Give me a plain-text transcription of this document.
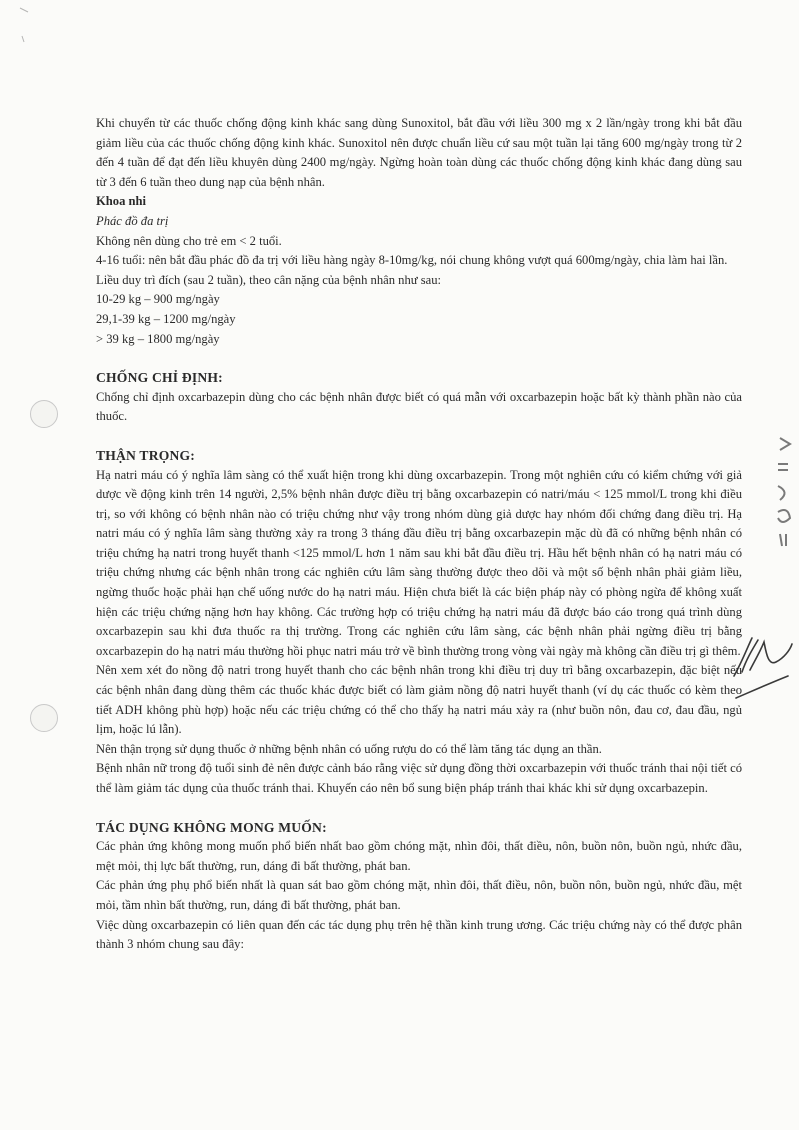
Khi chuyển từ các thuốc chống động kinh khác sang dùng Sunoxitol, bắt đầu với liều 300 mg x 2 lần/ngày trong khi bắt đầu giảm liều của các thuốc chống động kinh khác. Sunoxitol nên được chuẩn liều cứ sau một tuần lại tăng 600 mg/ngày trong từ 2 đến 4 tuần để đạt đến liều khuyên dùng 2400 mg/ngày. Ngừng hoàn toàn dùng các thuốc chống động kinh khác đang dùng sau từ 3 đến 6 tuần theo dung nạp của bệnh nhân.

Khoa nhi

Phác đồ đa trị

Không nên dùng cho trẻ em < 2 tuổi.

4-16 tuổi: nên bắt đầu phác đồ đa trị với liều hàng ngày 8-10mg/kg, nói chung không vượt quá 600mg/ngày, chia làm hai lần.

Liều duy trì đích (sau 2 tuần), theo cân nặng của bệnh nhân như sau:

10-29 kg – 900 mg/ngày

29,1-39 kg – 1200 mg/ngày

> 39 kg – 1800 mg/ngày

CHỐNG CHỈ ĐỊNH:

Chống chỉ định oxcarbazepin dùng cho các bệnh nhân được biết có quá mẫn với oxcarbazepin hoặc bất kỳ thành phần nào của thuốc.

THẬN TRỌNG:

Hạ natri máu có ý nghĩa lâm sàng có thể xuất hiện trong khi dùng oxcarbazepin. Trong một nghiên cứu có kiểm chứng với giả dược về động kinh trên 14 người, 2,5% bệnh nhân được điều trị bằng oxcarbazepin có natri/máu < 125 mmol/L trong khi điều trị, so với không có bệnh nhân nào có triệu chứng như vậy trong nhóm dùng giả dược hay nhóm đối chứng đang điều trị. Hạ natri máu có ý nghĩa lâm sàng thường xảy ra trong 3 tháng đầu điều trị bằng oxcarbazepin mặc dù đã có những bệnh nhân có triệu chứng hạ natri trong huyết thanh <125 mmol/L hơn 1 năm sau khi bắt đầu điều trị. Hầu hết bệnh nhân có hạ natri máu có triệu chứng nhưng các bệnh nhân trong các nghiên cứu lâm sàng thường được theo dõi và một số bệnh nhân phải giảm liều, ngừng thuốc hoặc phải hạn chế uống nước do hạ natri máu. Hiện chưa biết là các biện pháp này có phòng ngừa để không xuất hiện các triệu chứng nặng hơn hay không. Các trường hợp có triệu chứng hạ natri máu đã được báo cáo trong quá trình dùng oxcarbazepin sau khi đưa thuốc ra thị trường. Trong các nghiên cứu lâm sàng, các bệnh nhân phải ngừng điều trị bằng oxcarbazepin do hạ natri máu thường hồi phục natri máu trở về bình thường trong vòng vài ngày mà không cần điều trị gì thêm.

Nên xem xét đo nồng độ natri trong huyết thanh cho các bệnh nhân trong khi điều trị duy trì bằng oxcarbazepin, đặc biệt nếu các bệnh nhân đang dùng thêm các thuốc khác được biết có làm giảm nồng độ natri huyết thanh (ví dụ các thuốc có kèm theo tiết ADH không phù hợp) hoặc nếu các triệu chứng có thể cho thấy hạ natri máu xảy ra (như buồn nôn, đau cơ, đau đầu, ngủ lịm, hoặc lú lẫn).

Nên thận trọng sử dụng thuốc ở những bệnh nhân có uống rượu do có thể làm tăng tác dụng an thần.

Bệnh nhân nữ trong độ tuổi sinh đẻ nên được cảnh báo rằng việc sử dụng đồng thời oxcarbazepin với thuốc tránh thai nội tiết có thể làm giảm tác dụng của thuốc tránh thai. Khuyến cáo nên bổ sung biện pháp tránh thai khác khi sử dụng oxcarbazepin.

TÁC DỤNG KHÔNG MONG MUỐN:

Các phản ứng không mong muốn phổ biến nhất bao gồm chóng mặt, nhìn đôi, thất điều, nôn, buồn nôn, buồn ngủ, nhức đầu, mệt mỏi, thị lực bất thường, run, dáng đi bất thường, phát ban.

Các phản ứng phụ phổ biến nhất là quan sát bao gồm chóng mặt, nhìn đôi, thất điều, nôn, buồn nôn, buồn ngủ, nhức đầu, mệt mỏi, tầm nhìn bất thường, run, dáng đi bất thường, phát ban.

Việc dùng oxcarbazepin có liên quan đến các tác dụng phụ trên hệ thần kinh trung ương. Các triệu chứng này có thể được phân thành 3 nhóm chung sau đây:
